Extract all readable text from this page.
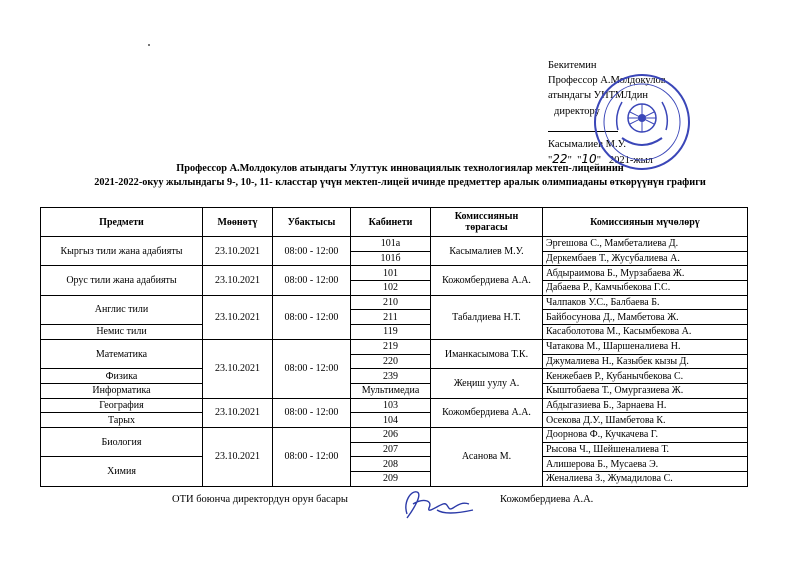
Бекитемин
Профессор А.Молдокулов
атындагы УИТМЛдин
директору
Касымалиев М.У.
"22"  "10"   2021-жыл
Профессор А.Молдокулов атындагы Улуттук инновациялык технологиялар мектеп-лицейинин
2021-2022-окуу жылындагы 9-, 10-, 11- класстар үчүн мектеп-лицей ичинде предметтер аралык олимпиаданы өткөрүүнүн графиги
Предмети	Мөөнөтү	Убактысы	Кабинети	Комиссиянын төрагасы	Комиссиянын мүчөлөрү
Кыргыз тили жана адабияты	23.10.2021	08:00 - 12:00	101а	Касымалиев М.У.	Эргешова С., Мамбеталиева Д.
			101б		Деркембаев Т., Жусубалиева А.
Орус тили жана адабияты	23.10.2021	08:00 - 12:00	101	Кожомбердиева А.А.	Абдыраимова Б., Мурзабаева Ж.
			102		Дабаева Р., Камчыбекова Г.С.
Англис тили	23.10.2021	08:00 - 12:00	210	Табалдиева Н.Т.	Чалпаков У.С., Балбаева Б.
			211		Байбосунова Д., Мамбетова Ж.
Немис тили			119		Касаболотова М., Касымбекова А.
Математика	23.10.2021	08:00 - 12:00	219	Иманкасымова Т.К.	Чатакова М., Шаршеналиева Н.
			220		Джумалиева Н., Казыбек кызы Д.
Физика			239	Жеңиш уулу А.	Кенжебаев Р., Кубанычбекова С.
Информатика			Мультимедиа		Кыштобаева Т., Омургазиева Ж.
География	23.10.2021	08:00 - 12:00	103	Кожомбердиева А.А.	Абдыгазиева Б., Зарнаева Н.
Тарых			104		Осекова Д.У., Шамбетова К.
Биология	23.10.2021	08:00 - 12:00	206	Асанова М.	Доорнова Ф., Кучкачева Г.
			207		Рысова Ч., Шейшеналиева Т.
Химия			208		Алишерова Б., Мусаева Э.
			209		Женалиева З., Жумадилова С.
ОТИ боюнча директордун орун басары	Кожомбердиева А.А.
